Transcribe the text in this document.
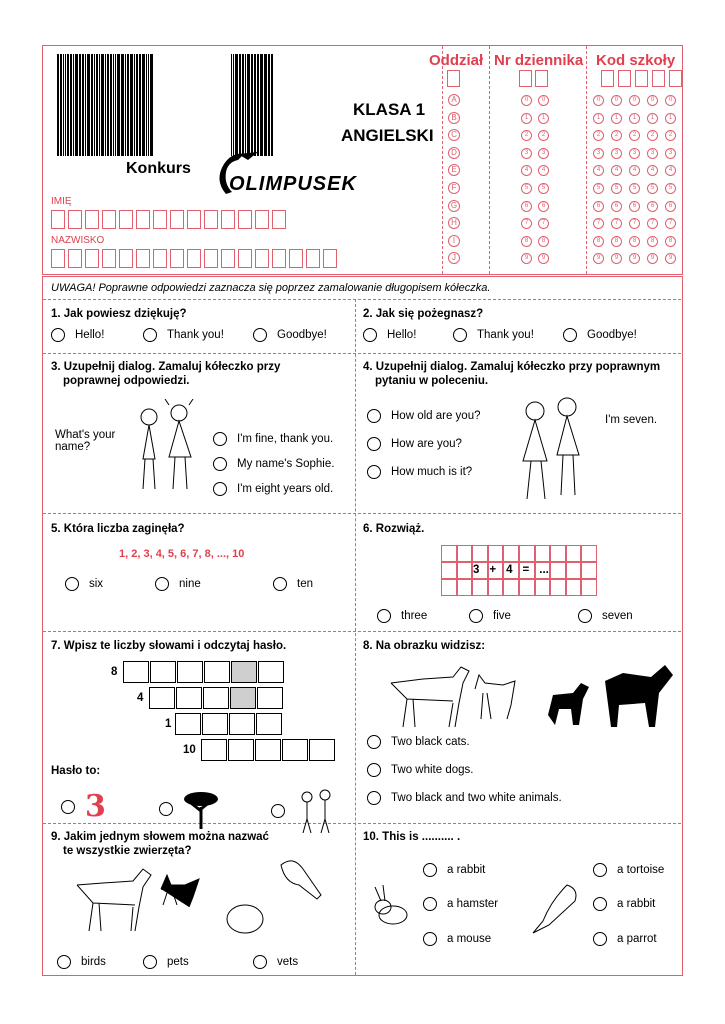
KLASA 1
ANGIELSKI
Konkurs
OLIMPUSEK
IMIĘ
NAZWISKO
Oddział Nr dziennika Kod szkoły
A	0	0	0	0	0	0	0
B	1	1	1	1	1	1	1
C	2	2	2	2	2	2	2
D	3	3	3	3	3	3	3
E	4	4	4	4	4	4	4
F	5	5	5	5	5	5	5
G	6	6	6	6	6	6	6
H	7	7	7	7	7	7	7
I	8	8	8	8	8	8	8
J	9	9	9	9	9	9	9
UWAGA! Poprawne odpowiedzi zaznacza się poprzez zamalowanie długopisem kółeczka.
1. Jak powiesz dziękuję?
Hello!	Thank you!	Goodbye!
2. Jak się pożegnasz?
Hello!	Thank you!	Goodbye!
3. Uzupełnij dialog. Zamaluj kółeczko przy
poprawnej odpowiedzi.
What's your name?
I'm fine, thank you.
My name's Sophie.
I'm eight years old.
4. Uzupełnij dialog. Zamaluj kółeczko przy poprawnym
pytaniu w poleceniu.
How old are you?
How are you?
How much is it?
I'm seven.
5. Która liczba zaginęła?
1, 2, 3, 4, 5, 6, 7, 8, ..., 10
six	nine	ten
6. Rozwiąż.
3 + 4 = ...
three	five	seven
7. Wpisz te liczby słowami i odczytaj hasło.
8
4
1
10
Hasło to:
3
8. Na obrazku widzisz:
Two black cats.
Two white dogs.
Two black and two white animals.
9. Jakim jednym słowem można nazwać
te wszystkie zwierzęta?
birds	pets	vets
10. This is .......... .
a rabbit
a hamster
a mouse
a tortoise
a rabbit
a parrot
